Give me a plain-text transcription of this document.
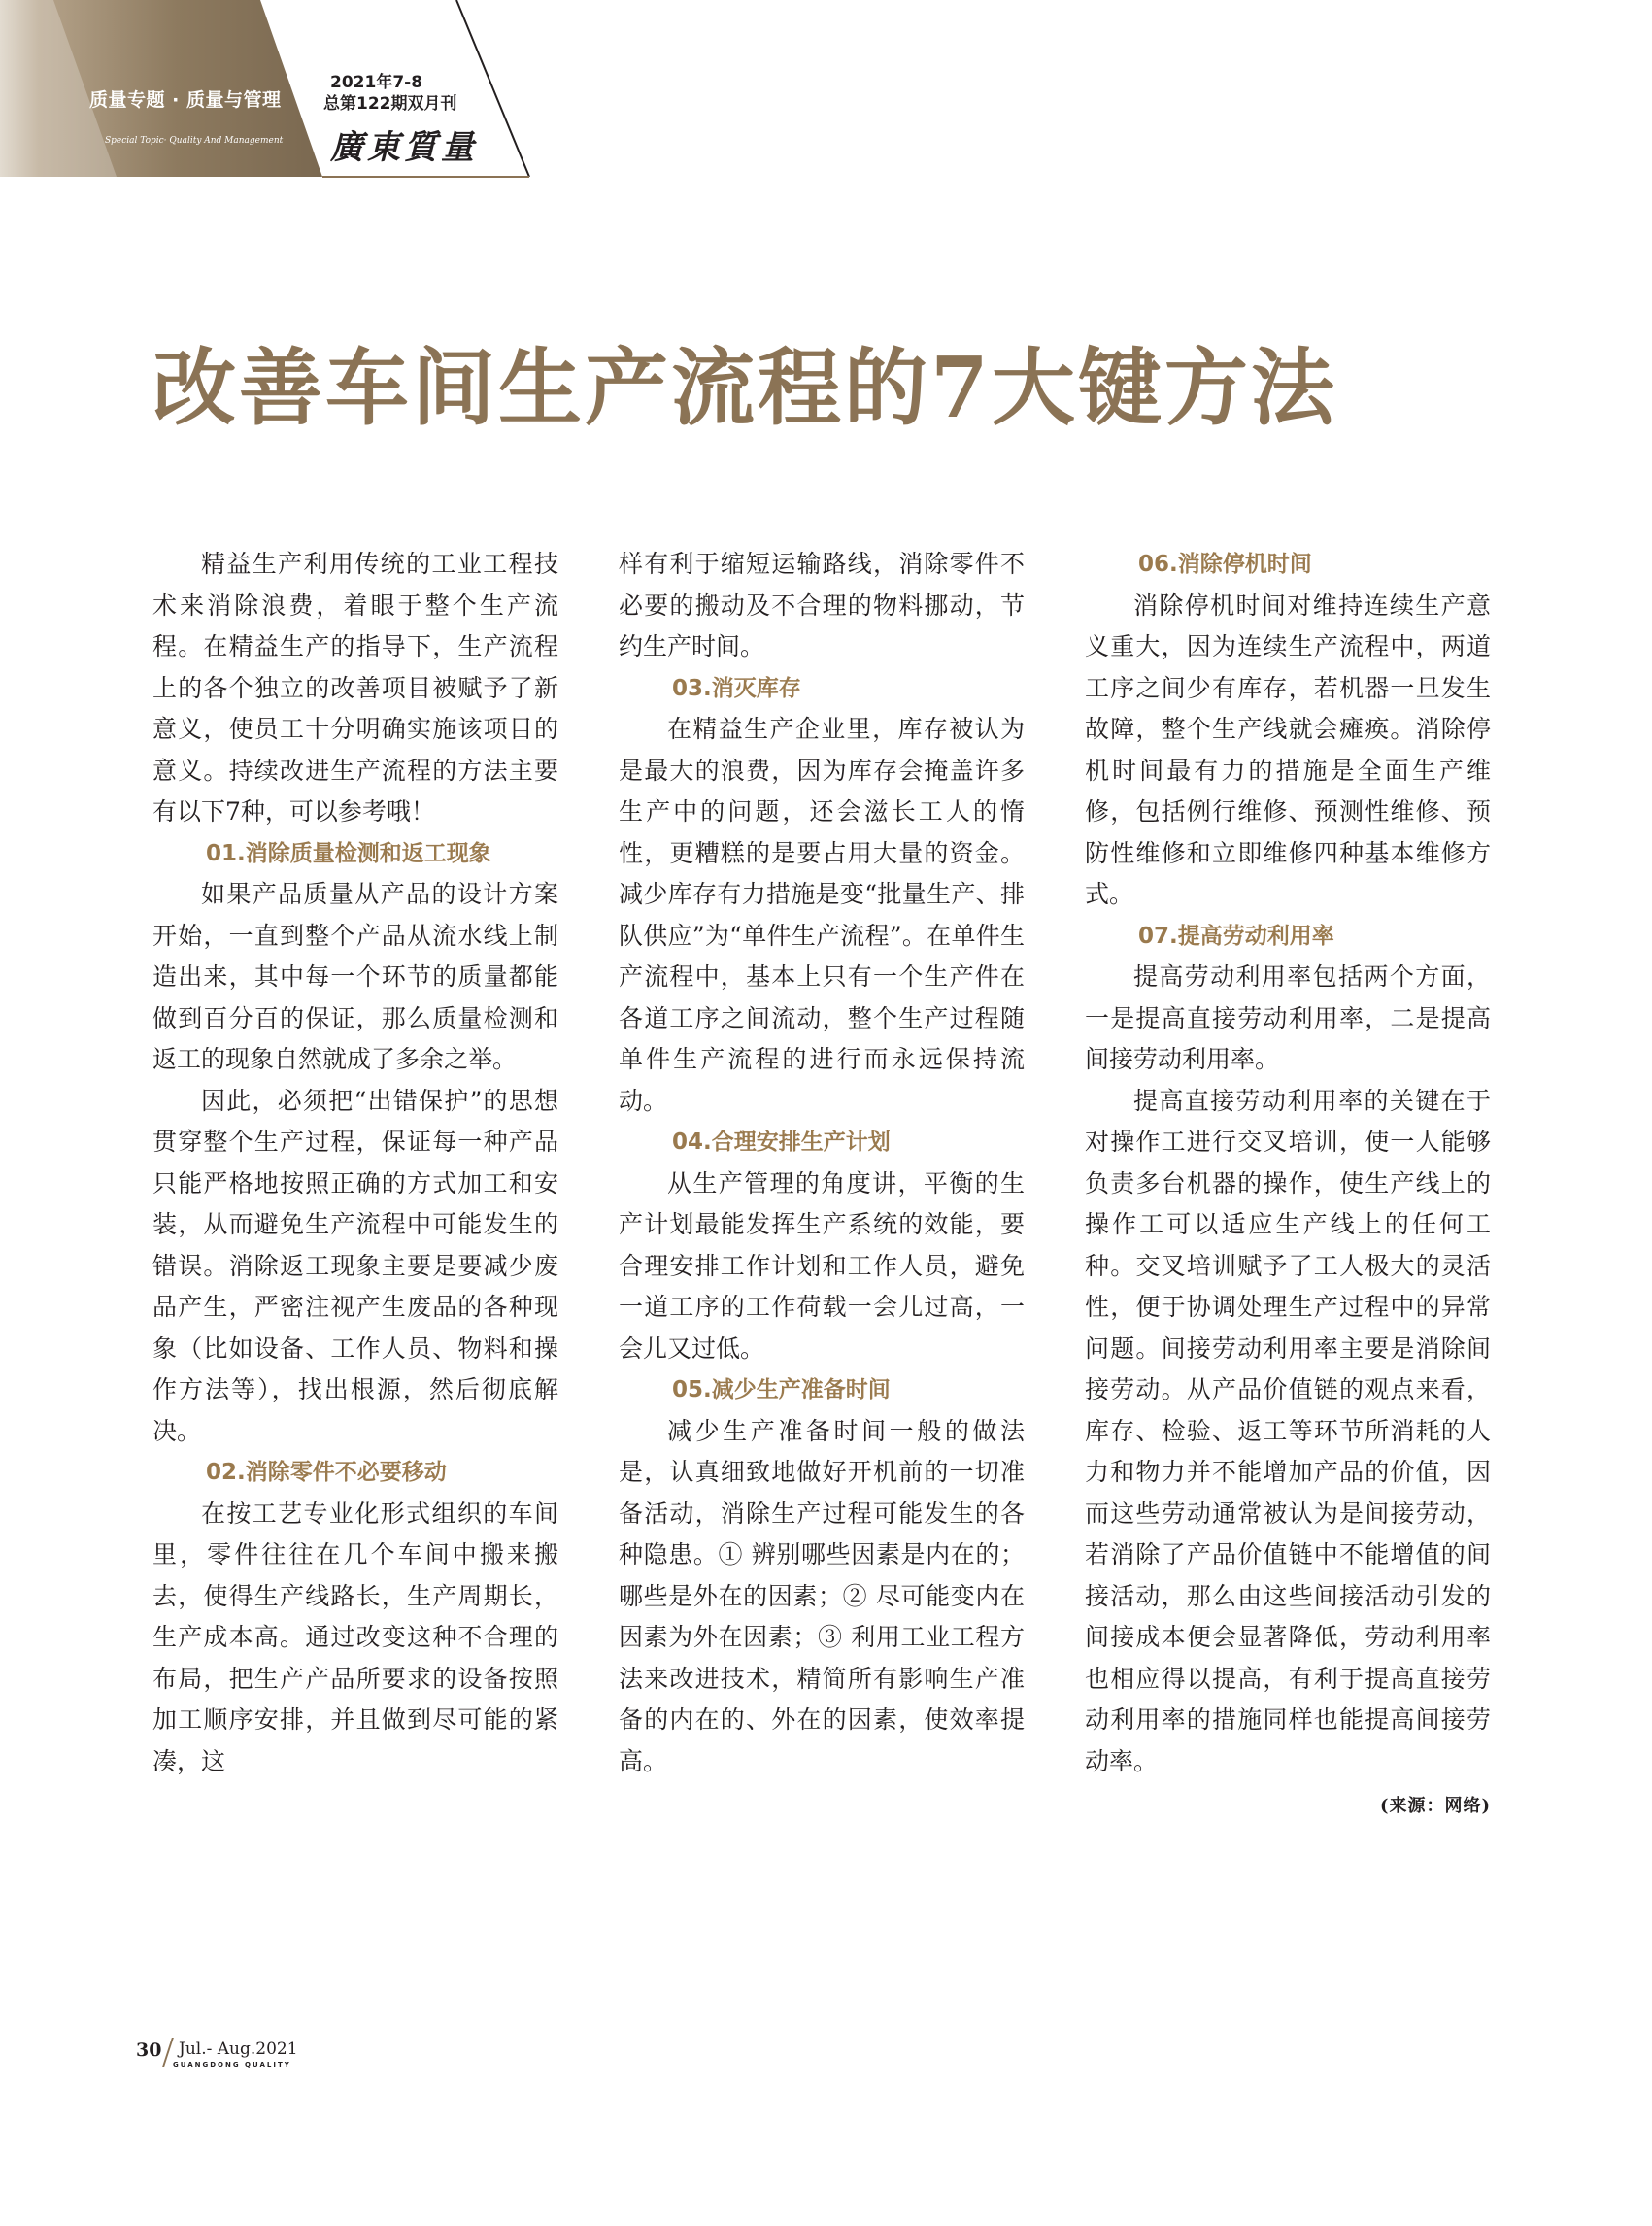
质量专题 · 质量与管理
Special Topic· Quality And Management
2021年7-8
总第122期双月刊
廣東質量
改善车间生产流程的7大键方法

精益生产利用传统的工业工程技术来消除浪费，着眼于整个生产流程。在精益生产的指导下，生产流程上的各个独立的改善项目被赋予了新意义，使员工十分明确实施该项目的意义。持续改进生产流程的方法主要有以下7种，可以参考哦！

01.消除质量检测和返工现象

如果产品质量从产品的设计方案开始，一直到整个产品从流水线上制造出来，其中每一个环节的质量都能做到百分百的保证，那么质量检测和返工的现象自然就成了多余之举。

因此，必须把“出错保护”的思想贯穿整个生产过程，保证每一种产品只能严格地按照正确的方式加工和安装，从而避免生产流程中可能发生的错误。消除返工现象主要是要减少废品产生，严密注视产生废品的各种现象（比如设备、工作人员、物料和操作方法等），找出根源，然后彻底解决。

02.消除零件不必要移动

在按工艺专业化形式组织的车间里，零件往往在几个车间中搬来搬去，使得生产线路长，生产周期长，生产成本高。通过改变这种不合理的布局，把生产产品所要求的设备按照加工顺序安排，并且做到尽可能的紧凑，这

样有利于缩短运输路线，消除零件不必要的搬动及不合理的物料挪动，节约生产时间。

03.消灭库存

在精益生产企业里，库存被认为是最大的浪费，因为库存会掩盖许多生产中的问题，还会滋长工人的惰性，更糟糕的是要占用大量的资金。减少库存有力措施是变“批量生产、排队供应”为“单件生产流程”。在单件生产流程中，基本上只有一个生产件在各道工序之间流动，整个生产过程随单件生产流程的进行而永远保持流动。

04.合理安排生产计划

从生产管理的角度讲，平衡的生产计划最能发挥生产系统的效能，要合理安排工作计划和工作人员，避免一道工序的工作荷载一会儿过高，一会儿又过低。

05.减少生产准备时间

减少生产准备时间一般的做法是，认真细致地做好开机前的一切准备活动，消除生产过程可能发生的各种隐患。① 辨别哪些因素是内在的；哪些是外在的因素；② 尽可能变内在因素为外在因素；③ 利用工业工程方法来改进技术，精简所有影响生产准备的内在的、外在的因素，使效率提高。

06.消除停机时间

消除停机时间对维持连续生产意义重大，因为连续生产流程中，两道工序之间少有库存，若机器一旦发生故障，整个生产线就会瘫痪。消除停机时间最有力的措施是全面生产维修，包括例行维修、预测性维修、预防性维修和立即维修四种基本维修方式。

07.提高劳动利用率

提高劳动利用率包括两个方面，一是提高直接劳动利用率，二是提高间接劳动利用率。

提高直接劳动利用率的关键在于对操作工进行交叉培训，使一人能够负责多台机器的操作，使生产线上的操作工可以适应生产线上的任何工种。交叉培训赋予了工人极大的灵活性，便于协调处理生产过程中的异常问题。间接劳动利用率主要是消除间接劳动。从产品价值链的观点来看，库存、检验、返工等环节所消耗的人力和物力并不能增加产品的价值，因而这些劳动通常被认为是间接劳动，若消除了产品价值链中不能增值的间接活动，那么由这些间接活动引发的间接成本便会显著降低，劳动利用率也相应得以提高，有利于提高直接劳动利用率的措施同样也能提高间接劳动率。

(来源：网络)

30 Jul.- Aug.2021
GUANGDONG QUALITY
